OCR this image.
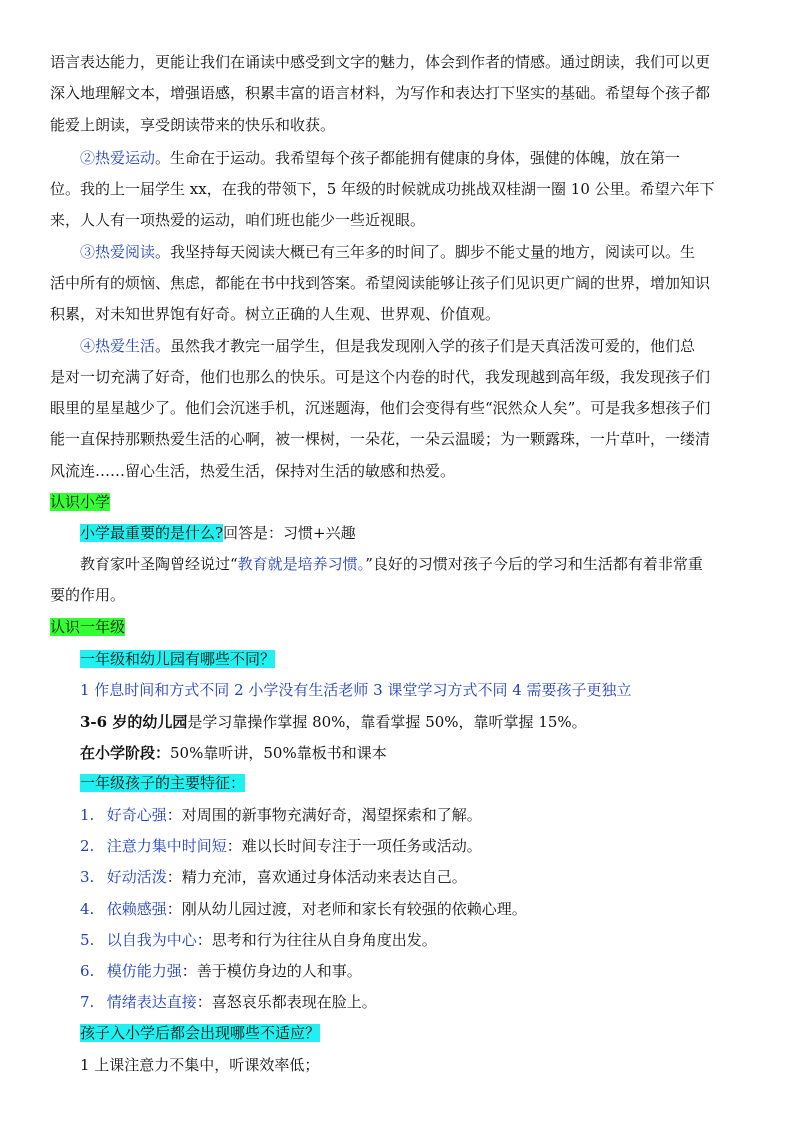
语言表达能力，更能让我们在诵读中感受到文字的魅力，体会到作者的情感。通过朗读，我们可以更
深入地理解文本，增强语感，积累丰富的语言材料，为写作和表达打下坚实的基础。希望每个孩子都
能爱上朗读，享受朗读带来的快乐和收获。
②热爱运动。生命在于运动。我希望每个孩子都能拥有健康的身体，强健的体魄，放在第一
位。我的上一届学生 xx，在我的带领下，5 年级的时候就成功挑战双桂湖一圈 10 公里。希望六年下
来，人人有一项热爱的运动，咱们班也能少一些近视眼。
③热爱阅读。我坚持每天阅读大概已有三年多的时间了。脚步不能丈量的地方，阅读可以。生
活中所有的烦恼、焦虑，都能在书中找到答案。希望阅读能够让孩子们见识更广阔的世界，增加知识
积累，对未知世界饱有好奇。树立正确的人生观、世界观、价值观。
④热爱生活。虽然我才教完一届学生，但是我发现刚入学的孩子们是天真活泼可爱的，他们总
是对一切充满了好奇，他们也那么的快乐。可是这个内卷的时代，我发现越到高年级，我发现孩子们
眼里的星星越少了。他们会沉迷手机，沉迷题海，他们会变得有些“泯然众人矣”。可是我多想孩子们
能一直保持那颗热爱生活的心啊，被一棵树，一朵花，一朵云温暖；为一颗露珠，一片草叶，一缕清
风流连……留心生活，热爱生活，保持对生活的敏感和热爱。
认识小学
小学最重要的是什么?回答是：习惯+兴趣
教育家叶圣陶曾经说过“教育就是培养习惯。”良好的习惯对孩子今后的学习和生活都有着非常重
要的作用。
认识一年级
一年级和幼儿园有哪些不同？
1 作息时间和方式不同 2 小学没有生活老师 3 课堂学习方式不同 4 需要孩子更独立
3-6 岁的幼儿园是学习靠操作掌握 80%，靠看掌握 50%，靠听掌握 15%。
在小学阶段：50%靠听讲，50%靠板书和课本
一年级孩子的主要特征：
1. 好奇心强：对周围的新事物充满好奇，渴望探索和了解。
2. 注意力集中时间短：难以长时间专注于一项任务或活动。
3. 好动活泼：精力充沛，喜欢通过身体活动来表达自己。
4. 依赖感强：刚从幼儿园过渡，对老师和家长有较强的依赖心理。
5. 以自我为中心：思考和行为往往从自身角度出发。
6. 模仿能力强：善于模仿身边的人和事。
7. 情绪表达直接：喜怒哀乐都表现在脸上。
孩子入小学后都会出现哪些不适应？
1 上课注意力不集中，听课效率低；
